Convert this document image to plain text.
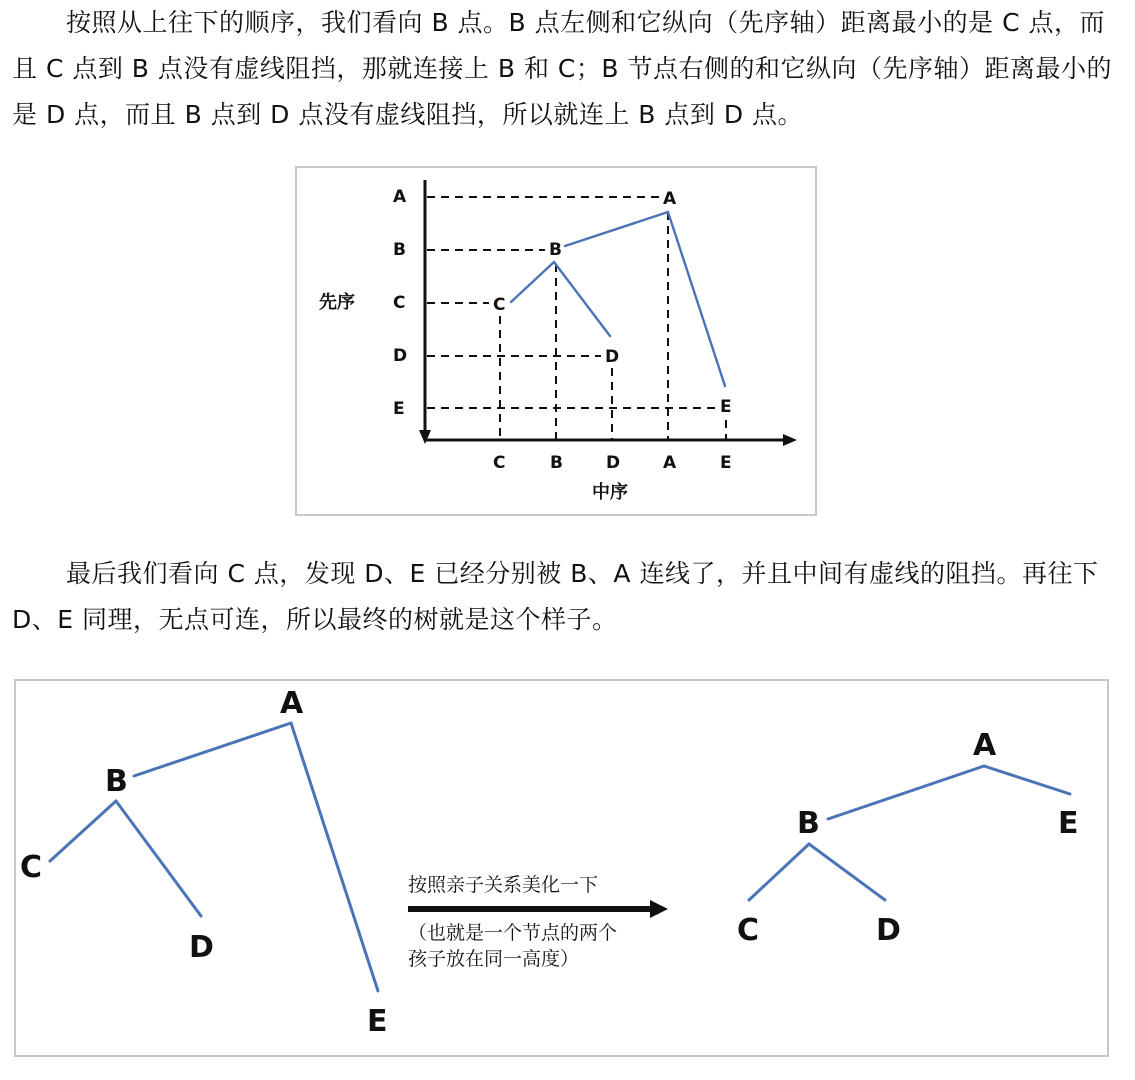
按照从上往下的顺序，我们看向 B 点。B 点左侧和它纵向（先序轴）距离最小的是 C 点，而且 C 点到 B 点没有虚线阻挡，那就连接上 B 和 C；B 节点右侧的和它纵向（先序轴）距离最小的是 D 点，而且 B 点到 D 点没有虚线阻挡，所以就连上 B 点到 D 点。

A
B
C
D
E
先序
C	B	D	A	E
中序
A
B
C
D
E

最后我们看向 C 点，发现 D、E 已经分别被 B、A 连线了，并且中间有虚线的阻挡。再往下 D、E 同理，无点可连，所以最终的树就是这个样子。

A
B
C
D
E
按照亲子关系美化一下
（也就是一个节点的两个
孩子放在同一高度）
A
B
C	D
E
